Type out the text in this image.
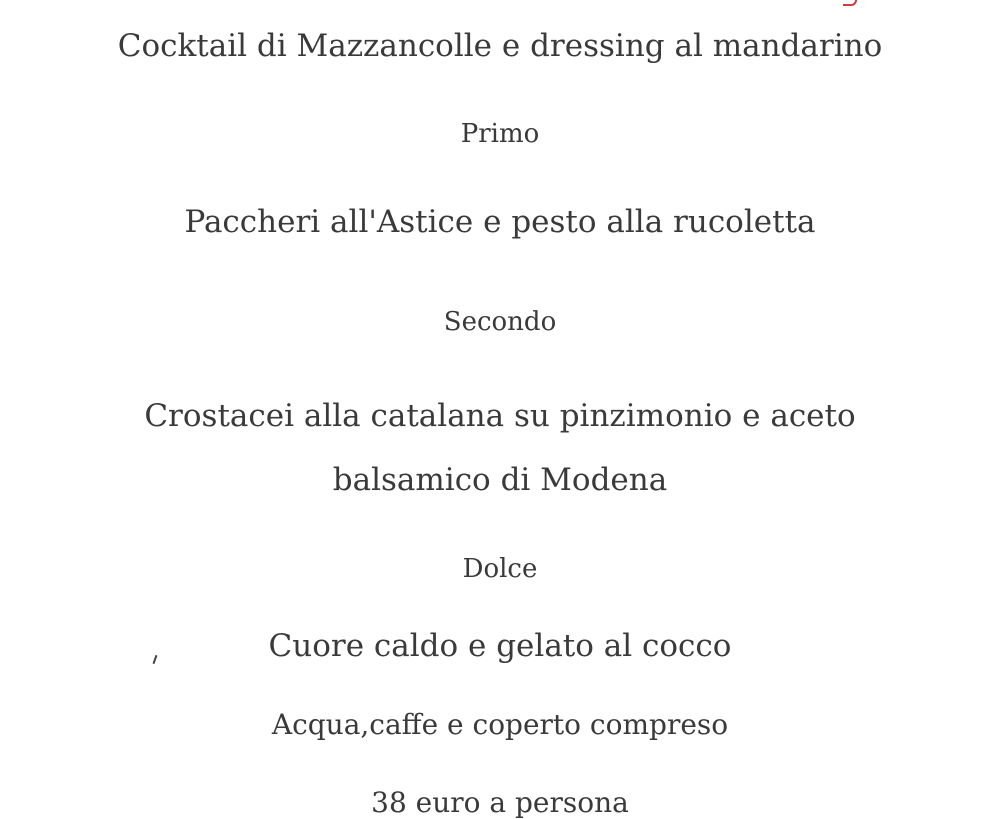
Cocktail di Mazzancolle e dressing al mandarino
Primo
Paccheri all'Astice e pesto alla rucoletta
Secondo
Crostacei alla catalana su pinzimonio e aceto
balsamico di Modena
Dolce
Cuore caldo e gelato al cocco
Acqua,caffe e coperto compreso
38 euro a persona
